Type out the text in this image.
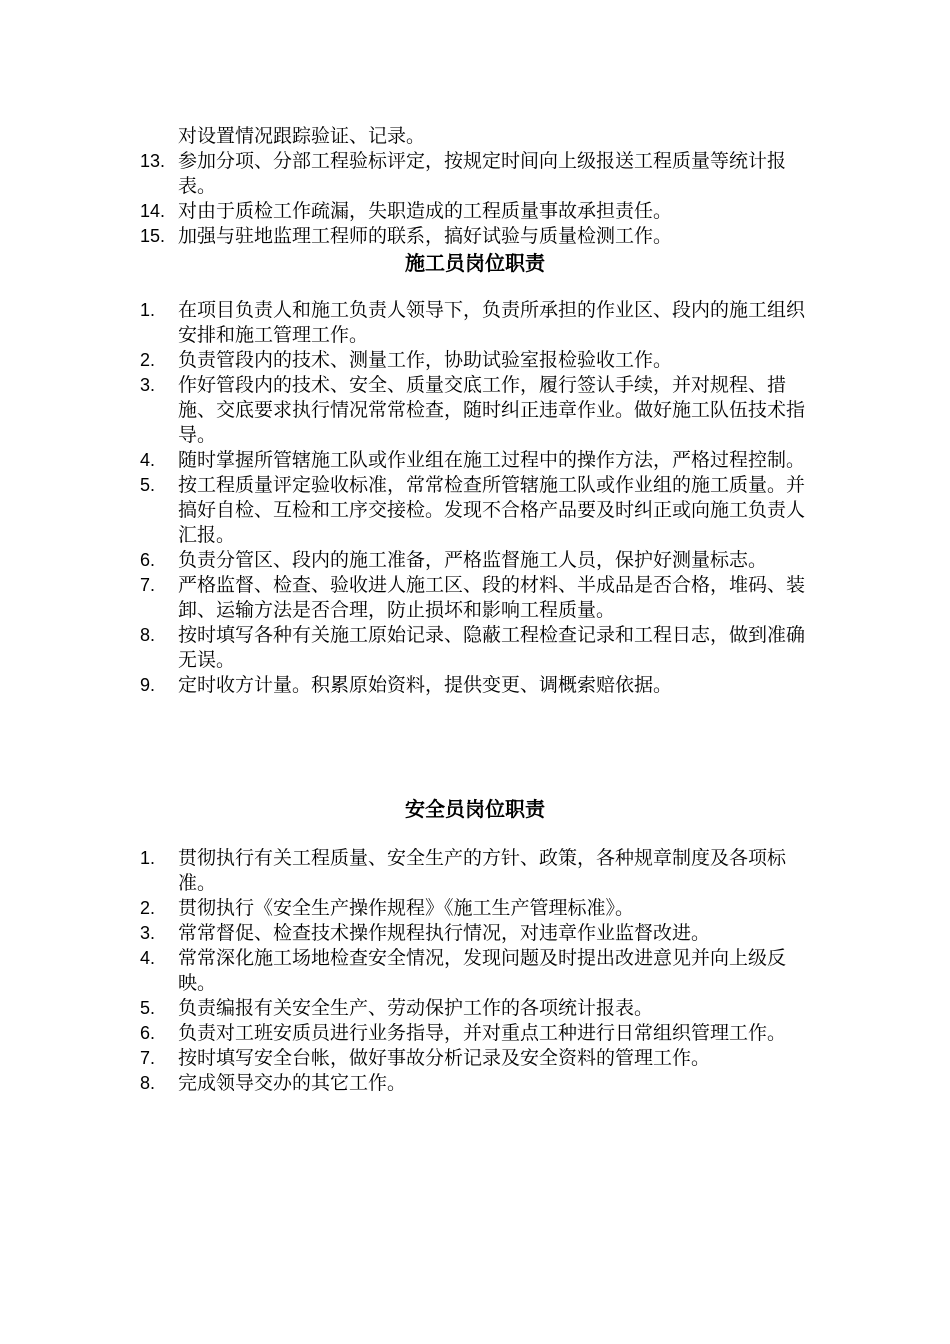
对设置情况跟踪验证、记录。
13. 参加分项、分部工程验标评定，按规定时间向上级报送工程质量等统计报表。
14. 对由于质检工作疏漏，失职造成的工程质量事故承担责任。
15. 加强与驻地监理工程师的联系，搞好试验与质量检测工作。
施工员岗位职责
1.	在项目负责人和施工负责人领导下，负责所承担的作业区、段内的施工组织安排和施工管理工作。
2.	负责管段内的技术、测量工作，协助试验室报检验收工作。
3.	作好管段内的技术、安全、质量交底工作，履行签认手续，并对规程、措施、交底要求执行情况常常检查，随时纠正违章作业。做好施工队伍技术指导。
4.	随时掌握所管辖施工队或作业组在施工过程中的操作方法，严格过程控制。
5.	按工程质量评定验收标准，常常检查所管辖施工队或作业组的施工质量。并搞好自检、互检和工序交接检。发现不合格产品要及时纠正或向施工负责人汇报。
6.	负责分管区、段内的施工准备，严格监督施工人员，保护好测量标志。
7.	严格监督、检查、验收进人施工区、段的材料、半成品是否合格，堆码、装卸、运输方法是否合理，防止损坏和影响工程质量。
8.	按时填写各种有关施工原始记录、隐蔽工程检查记录和工程日志，做到准确无误。
9.	定时收方计量。积累原始资料，提供变更、调概索赔依据。
安全员岗位职责
1.	贯彻执行有关工程质量、安全生产的方针、政策，各种规章制度及各项标准。
2.	贯彻执行《安全生产操作规程》《施工生产管理标准》。
3.	常常督促、检查技术操作规程执行情况，对违章作业监督改进。
4.	常常深化施工场地检查安全情况，发现问题及时提出改进意见并向上级反映。
5.	负责编报有关安全生产、劳动保护工作的各项统计报表。
6.	负责对工班安质员进行业务指导，并对重点工种进行日常组织管理工作。
7.	按时填写安全台帐，做好事故分析记录及安全资料的管理工作。
8.	完成领导交办的其它工作。
